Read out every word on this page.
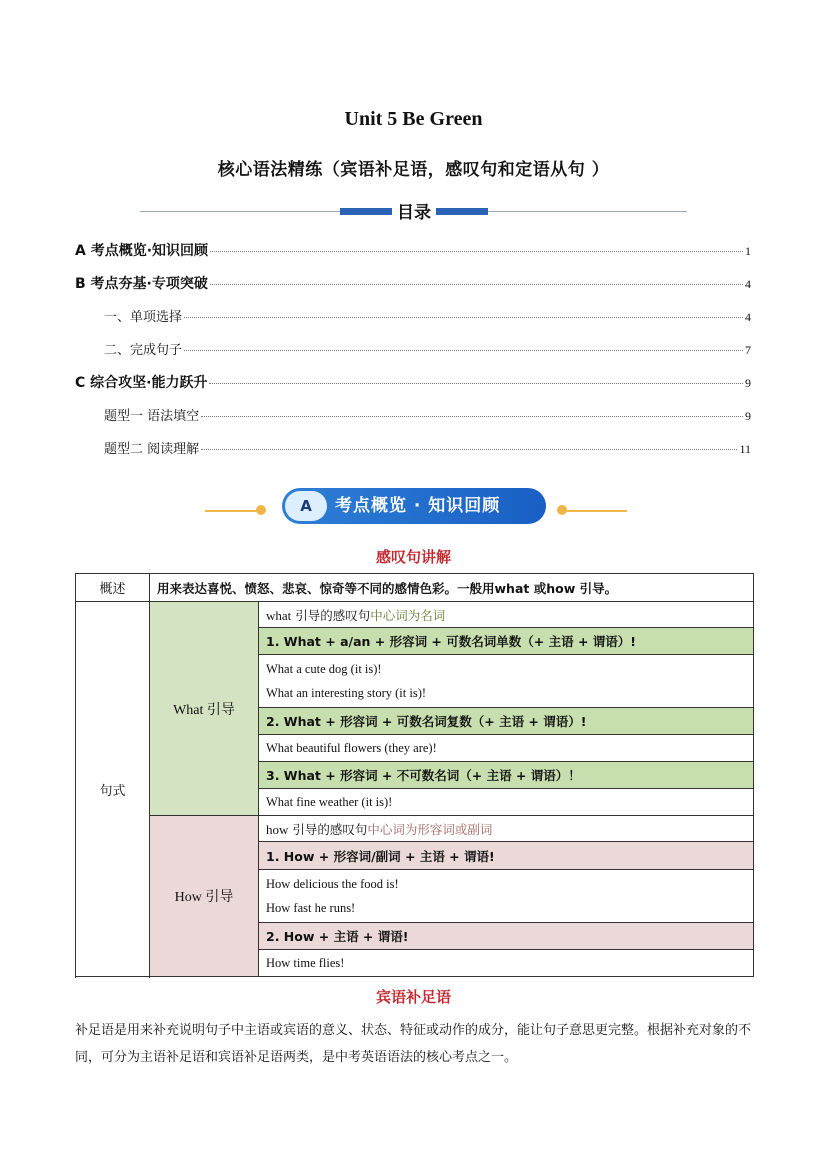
Unit 5 Be Green
核心语法精练（宾语补足语，感叹句和定语从句 ）
目录
A 考点概览·知识回顾	1
B 考点夯基·专项突破	4
一、单项选择	4
二、完成句子	7
C 综合攻坚·能力跃升	9
题型一 语法填空	9
题型二 阅读理解	11
A	考点概览 · 知识回顾
感叹句讲解
概述	用来表达喜悦、愤怒、悲哀、惊奇等不同的感情色彩。一般用what 或how 引导。	
句式	What 引导	what 引导的感叹句中心词为名词
		1. What + a/an + 形容词 + 可数名词单数（+ 主语 + 谓语）!

		What a cute dog (it is)!
What an interesting story (it is)!

		2. What + 形容词 + 可数名词复数（+ 主语 + 谓语）!
		What beautiful flowers (they are)!
		3. What + 形容词 + 不可数名词（+ 主语 + 谓语）！
		What fine weather (it is)!

	How 引导	how 引导的感叹句中心词为形容词或副词
		1. How + 形容词/副词 + 主语 + 谓语!

		How delicious the food is!
How fast he runs!

		2. How + 主语 + 谓语!
		How time flies!

宾语补足语
补足语是用来补充说明句子中主语或宾语的意义、状态、特征或动作的成分，能让句子意思更完整。根据补充对象的不同，可分为主语补足语和宾语补足语两类，是中考英语语法的核心考点之一。
